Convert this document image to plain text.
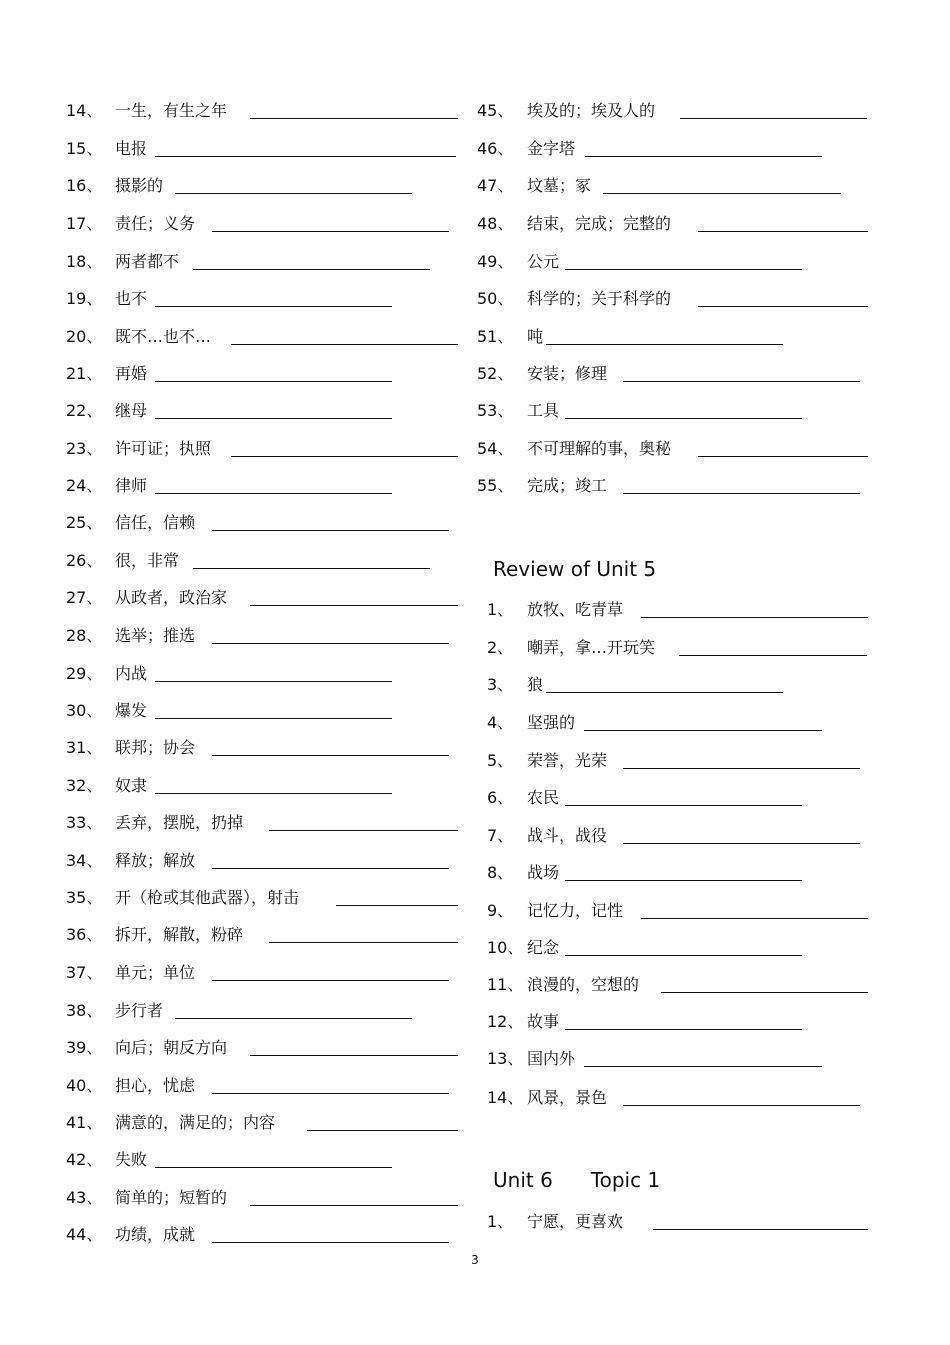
14、 一生，有生之年
15、 电报
16、 摄影的
17、 责任；义务
18、 两者都不
19、 也不
20、 既不…也不…
21、 再婚
22、 继母
23、 许可证；执照
24、 律师
25、 信任，信赖
26、 很，非常
27、 从政者，政治家
28、 选举；推选
29、 内战
30、 爆发
31、 联邦；协会
32、 奴隶
33、 丢弃，摆脱，扔掉
34、 释放；解放
35、 开（枪或其他武器），射击
36、 拆开，解散，粉碎
37、 单元；单位
38、 步行者
39、 向后；朝反方向
40、 担心，忧虑
41、 满意的，满足的；内容
42、 失败
43、 简单的；短暂的
44、 功绩，成就
45、 埃及的；埃及人的
46、 金字塔
47、 坟墓；冢
48、 结束，完成；完整的
49、 公元
50、 科学的；关于科学的
51、 吨
52、 安装；修理
53、 工具
54、 不可理解的事，奥秘
55、 完成；竣工
Review of Unit 5
1、 放牧、吃青草
2、 嘲弄，拿…开玩笑
3、 狼
4、 坚强的
5、 荣誉，光荣
6、 农民
7、 战斗，战役
8、 战场
9、 记忆力，记性
10、 纪念
11、 浪漫的，空想的
12、 故事
13、 国内外
14、 风景，景色
Unit 6 Topic 1
1、 宁愿，更喜欢
3
